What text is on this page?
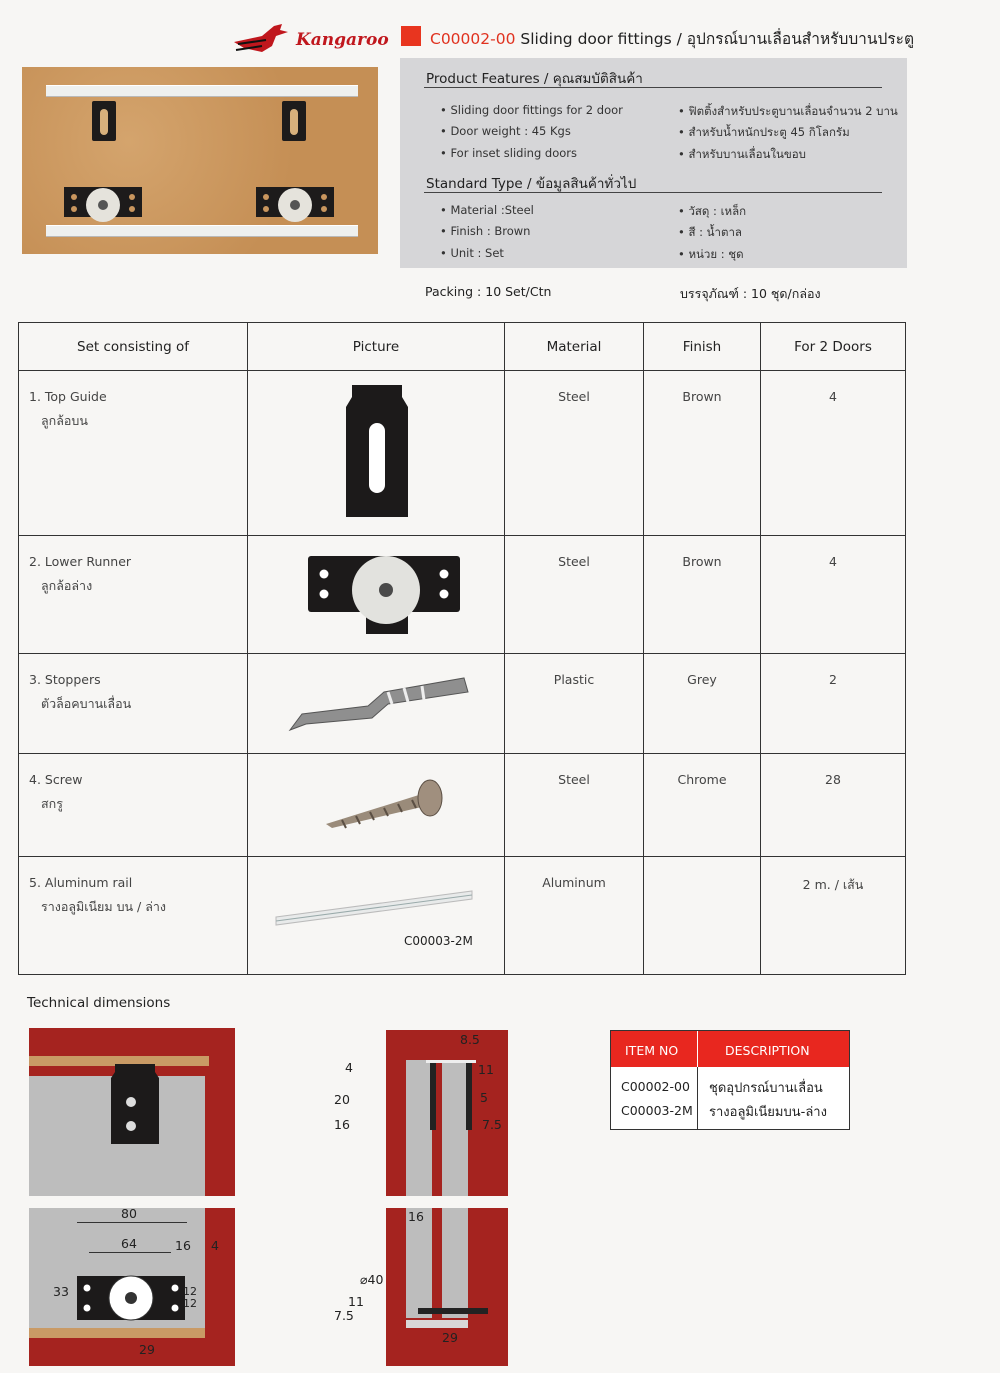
Kangaroo	C00002-00 Sliding door fittings / อุปกรณ์บานเลื่อนสำหรับบานประตู
Product Features / คุณสมบัติสินค้า
• Sliding door fittings for 2 door
• Door weight : 45 Kgs
• For inset sliding doors
• ฟิตติ้งสำหรับประตูบานเลื่อนจำนวน 2 บาน
• สำหรับน้ำหนักประตู 45 กิโลกรัม
• สำหรับบานเลื่อนในขอบ
Standard Type / ข้อมูลสินค้าทั่วไป
• Material :Steel
• Finish : Brown
• Unit : Set
• วัสดุ : เหล็ก
• สี : น้ำตาล
• หน่วย : ชุด
Packing : 10 Set/Ctn	บรรจุภัณฑ์ : 10 ชุด/กล่อง
Set consisting of	Picture	Material	Finish	For 2 Doors

1. Top Guide
ลูกล้อบน		Steel	Brown	4

2. Lower Runner
ลูกล้อล่าง		Steel	Brown	4

3. Stoppers
ตัวล็อคบานเลื่อน		Plastic	Grey	2

4. Screw
สกรู		Steel	Chrome	28

5. Aluminum rail
รางอลูมิเนียม บน / ล่าง	C00003-2M	Aluminum		2 m. / เส้น
Technical dimensions
80
64	16 4
33	12
12
29
8.5
4	11
20	5
16	7.5
16
⌀40
11
7.5
29
ITEM NO	DESCRIPTION
C00002-00 ชุดอุปกรณ์บานเลื่อน
C00003-2M รางอลูมิเนียมบน-ล่าง
